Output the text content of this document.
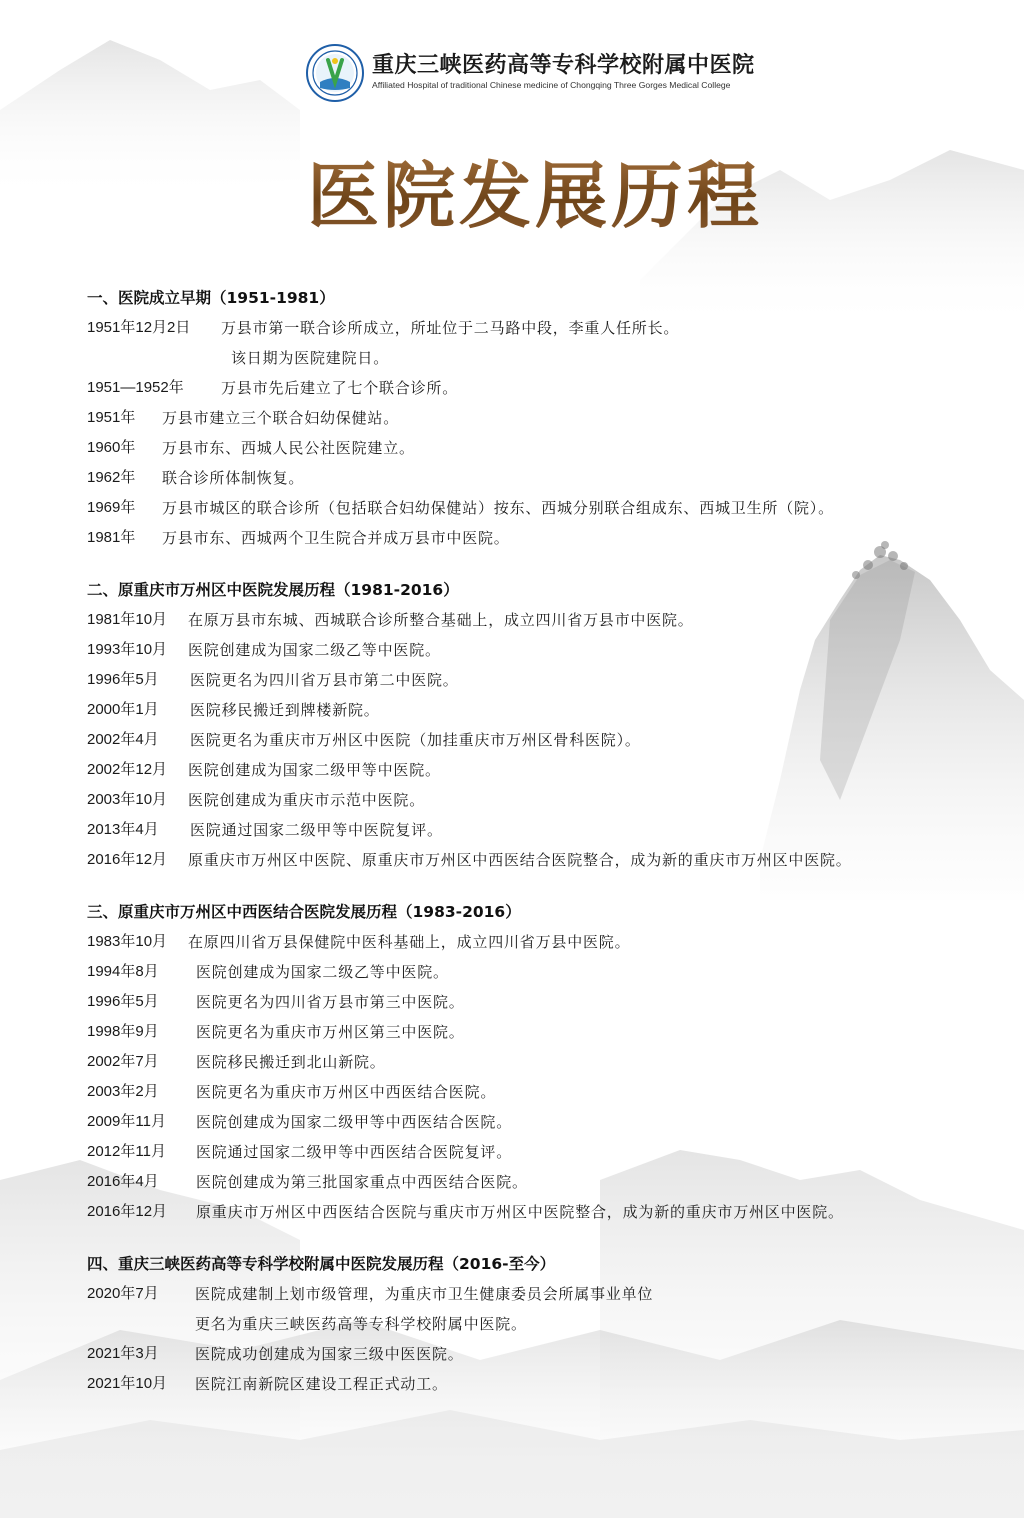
重庆三峡医药高等专科学校附属中医院
Affiliated Hospital of traditional Chinese medicine of Chongqing Three Gorges Medical College
医院发展历程
一、医院成立早期（1951-1981）
1951年12月2日	万县市第一联合诊所成立，所址位于二马路中段，李重人任所长。
该日期为医院建院日。
1951—1952年	万县市先后建立了七个联合诊所。
1951年	万县市建立三个联合妇幼保健站。
1960年	万县市东、西城人民公社医院建立。
1962年	联合诊所体制恢复。
1969年	万县市城区的联合诊所（包括联合妇幼保健站）按东、西城分别联合组成东、西城卫生所（院）。
1981年	万县市东、西城两个卫生院合并成万县市中医院。
二、原重庆市万州区中医院发展历程（1981-2016）
1981年10月	在原万县市东城、西城联合诊所整合基础上，成立四川省万县市中医院。
1993年10月	医院创建成为国家二级乙等中医院。
1996年5月	医院更名为四川省万县市第二中医院。
2000年1月	医院移民搬迁到牌楼新院。
2002年4月	医院更名为重庆市万州区中医院（加挂重庆市万州区骨科医院）。
2002年12月	医院创建成为国家二级甲等中医院。
2003年10月	医院创建成为重庆市示范中医院。
2013年4月	医院通过国家二级甲等中医院复评。
2016年12月	原重庆市万州区中医院、原重庆市万州区中西医结合医院整合，成为新的重庆市万州区中医院。
三、原重庆市万州区中西医结合医院发展历程（1983-2016）
1983年10月	在原四川省万县保健院中医科基础上，成立四川省万县中医院。
1994年8月	医院创建成为国家二级乙等中医院。
1996年5月	医院更名为四川省万县市第三中医院。
1998年9月	医院更名为重庆市万州区第三中医院。
2002年7月	医院移民搬迁到北山新院。
2003年2月	医院更名为重庆市万州区中西医结合医院。
2009年11月	医院创建成为国家二级甲等中西医结合医院。
2012年11月	医院通过国家二级甲等中西医结合医院复评。
2016年4月	医院创建成为第三批国家重点中西医结合医院。
2016年12月	原重庆市万州区中西医结合医院与重庆市万州区中医院整合，成为新的重庆市万州区中医院。
四、重庆三峡医药高等专科学校附属中医院发展历程（2016-至今）
2020年7月	医院成建制上划市级管理，为重庆市卫生健康委员会所属事业单位
更名为重庆三峡医药高等专科学校附属中医院。
2021年3月	医院成功创建成为国家三级中医医院。
2021年10月	医院江南新院区建设工程正式动工。
